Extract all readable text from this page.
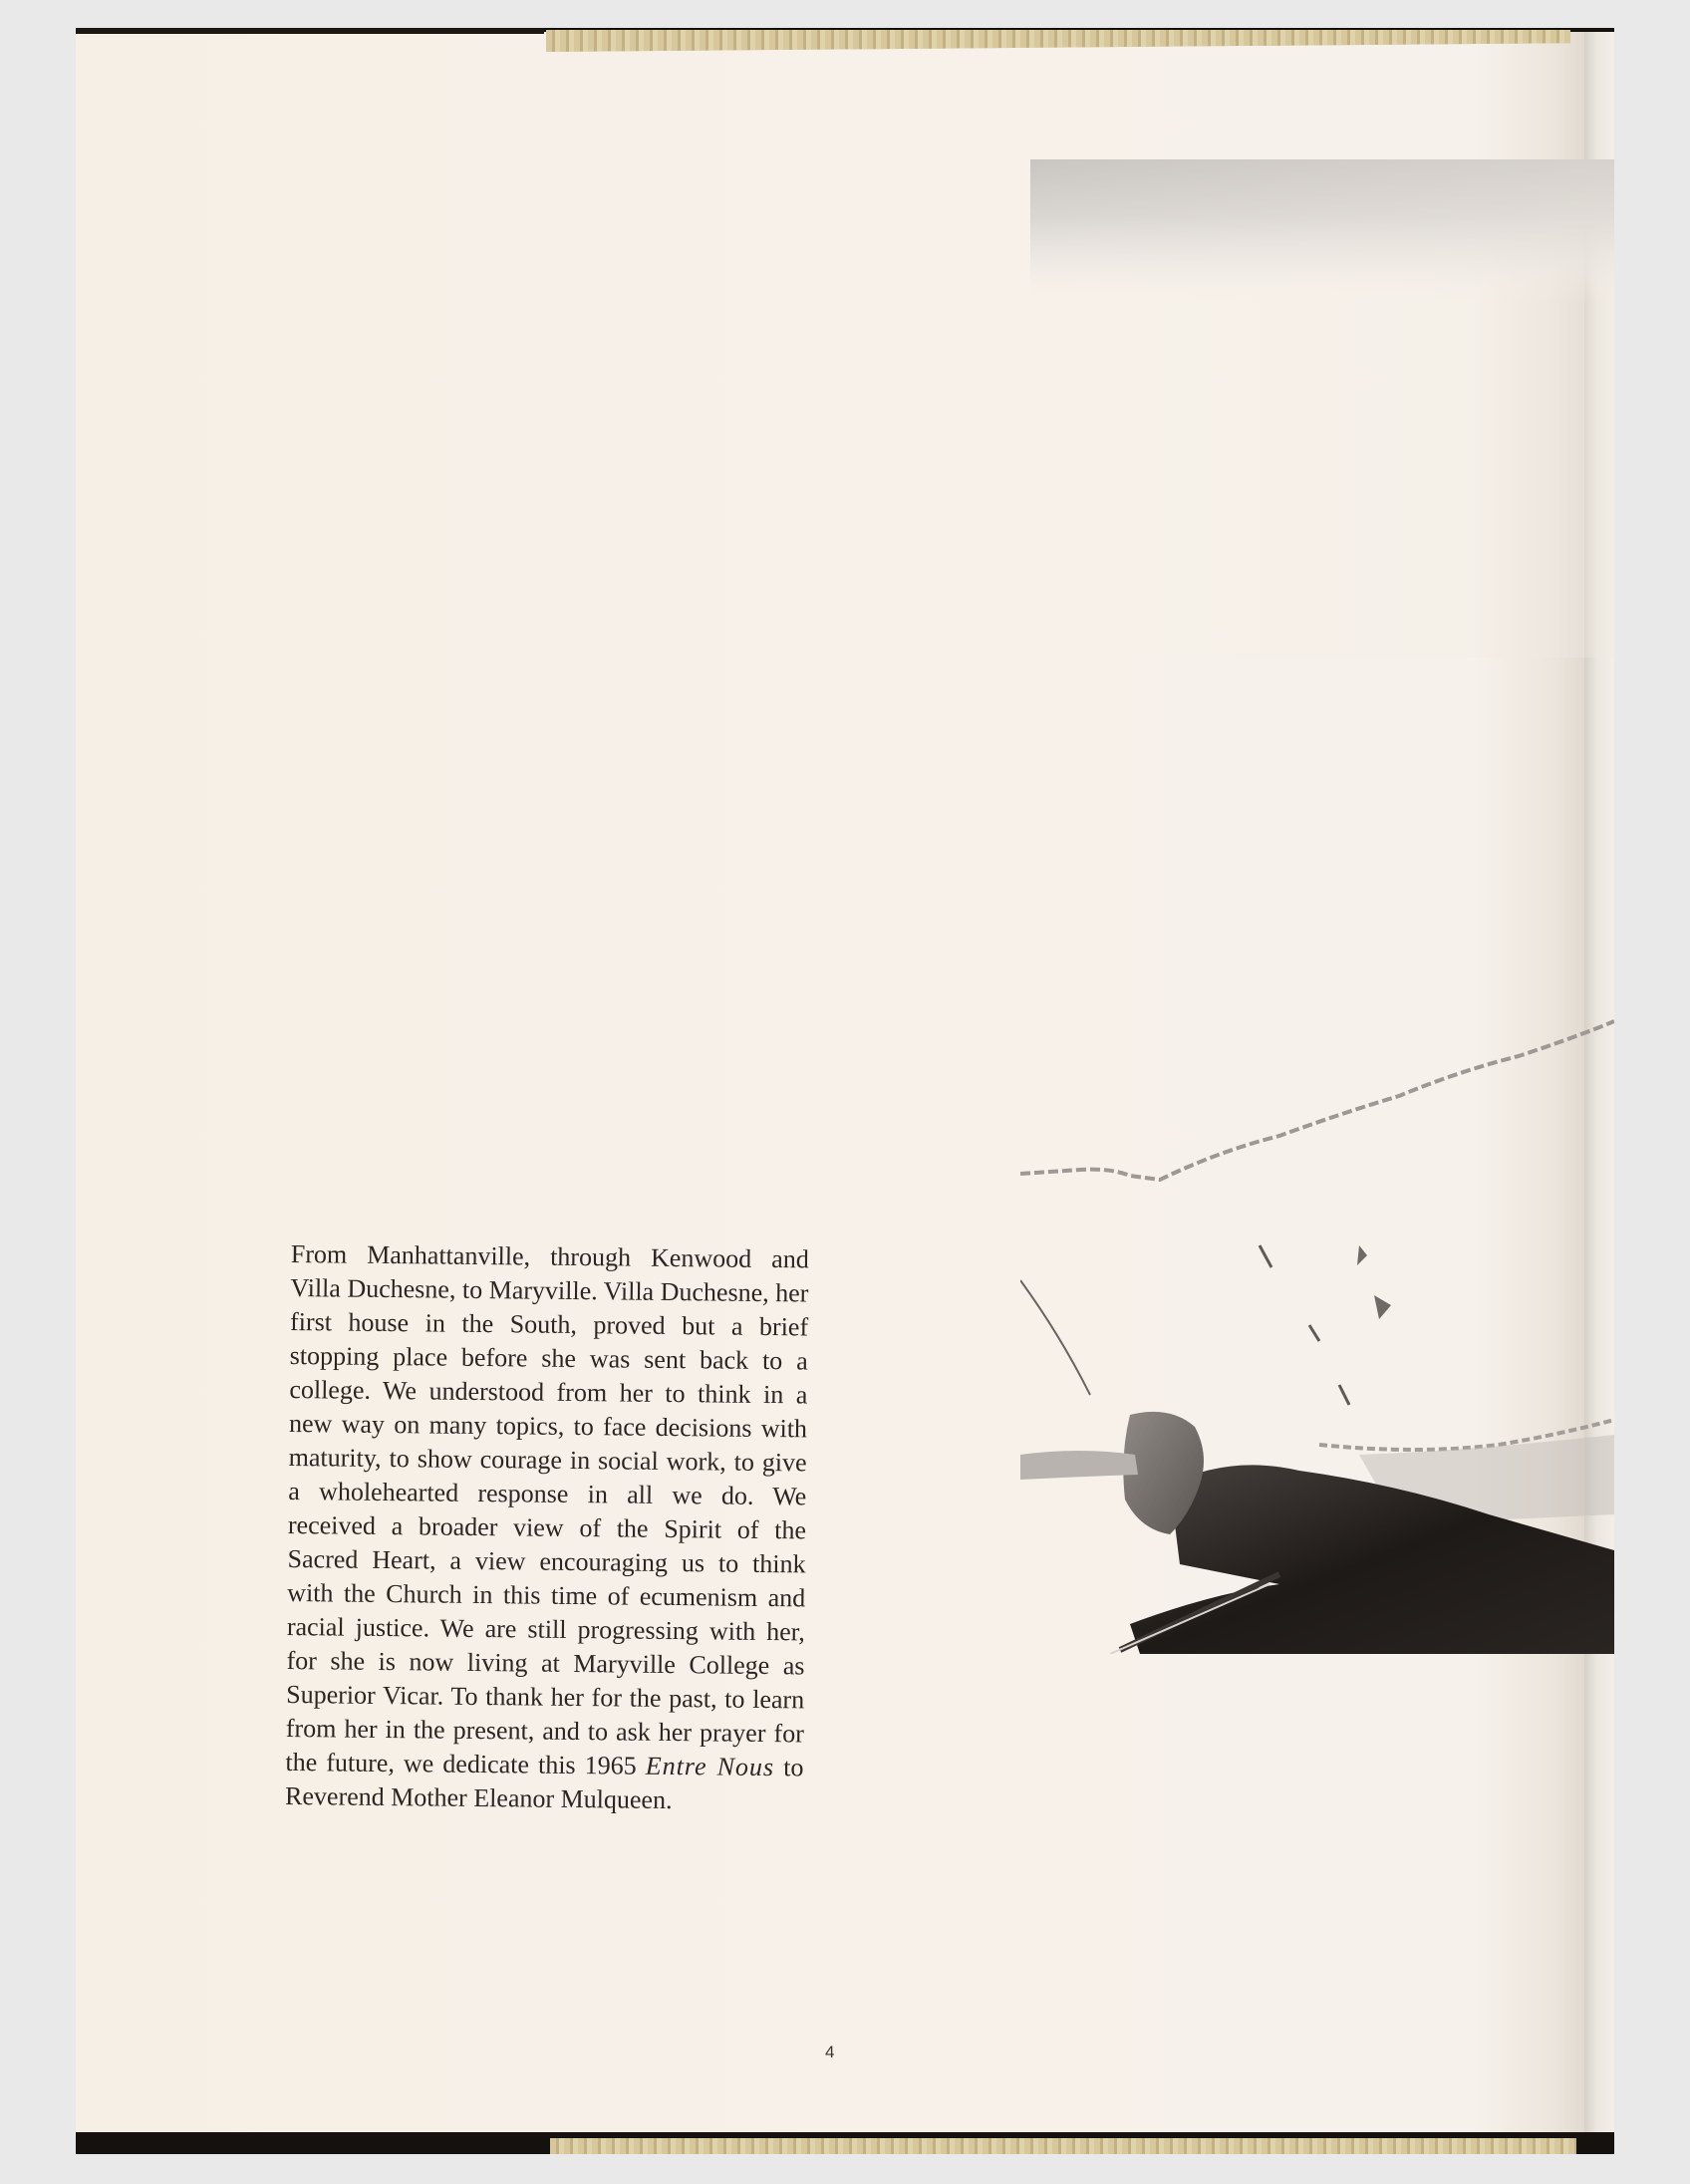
From Manhattanville, through Kenwood and Villa Duchesne, to Maryville. Villa Duchesne, her first house in the South, proved but a brief stopping place before she was sent back to a college. We understood from her to think in a new way on many topics, to face decisions with maturity, to show courage in social work, to give a wholehearted response in all we do. We received a broader view of the Spirit of the Sacred Heart, a view encouraging us to think with the Church in this time of ecumenism and racial justice. We are still progressing with her, for she is now living at Maryville College as Superior Vicar. To thank her for the past, to learn from her in the present, and to ask her prayer for the future, we dedicate this 1965 Entre Nous to Reverend Mother Eleanor Mulqueen.

4
